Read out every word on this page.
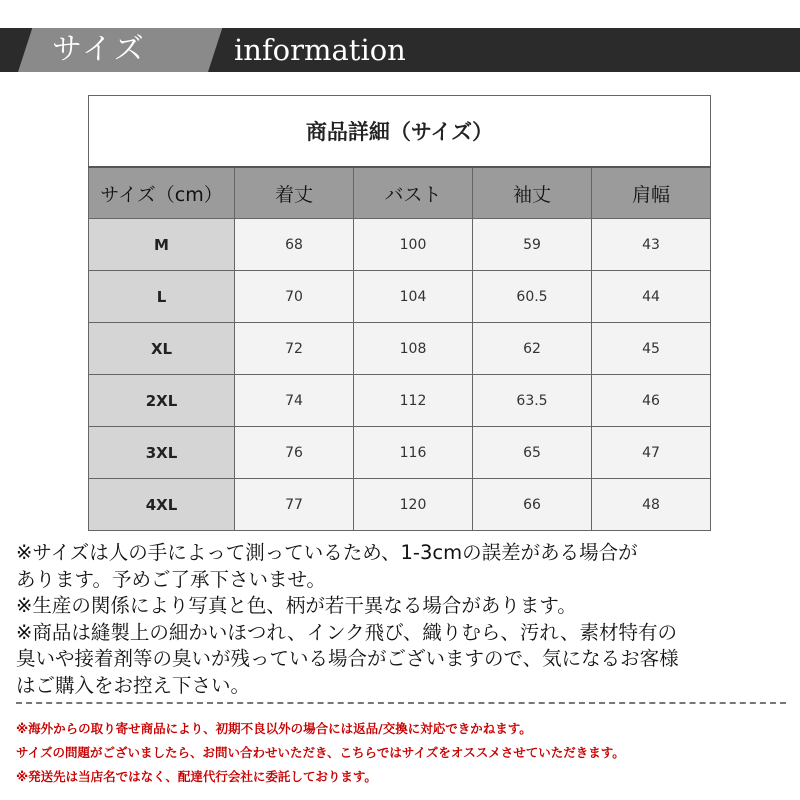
サイズ	information
商品詳細（サイズ）				
サイズ（cm）	着丈	バスト	袖丈	肩幅
M	68	100	59	43
L	70	104	60.5	44
XL	72	108	62	45
2XL	74	112	63.5	46
3XL	76	116	65	47
4XL	77	120	66	48
※サイズは人の手によって測っているため、1-3cmの誤差がある場合が
あります。予めご了承下さいませ。
※生産の関係により写真と色、柄が若干異なる場合があります。
※商品は縫製上の細かいほつれ、インク飛び、織りむら、汚れ、素材特有の
臭いや接着剤等の臭いが残っている場合がございますので、気になるお客様
はご購入をお控え下さい。
※海外からの取り寄せ商品により、初期不良以外の場合には返品/交換に対応できかねます。
サイズの問題がございましたら、お問い合わせいただき、こちらではサイズをオススメさせていただきます。
※発送先は当店名ではなく、配達代行会社に委託しております。
